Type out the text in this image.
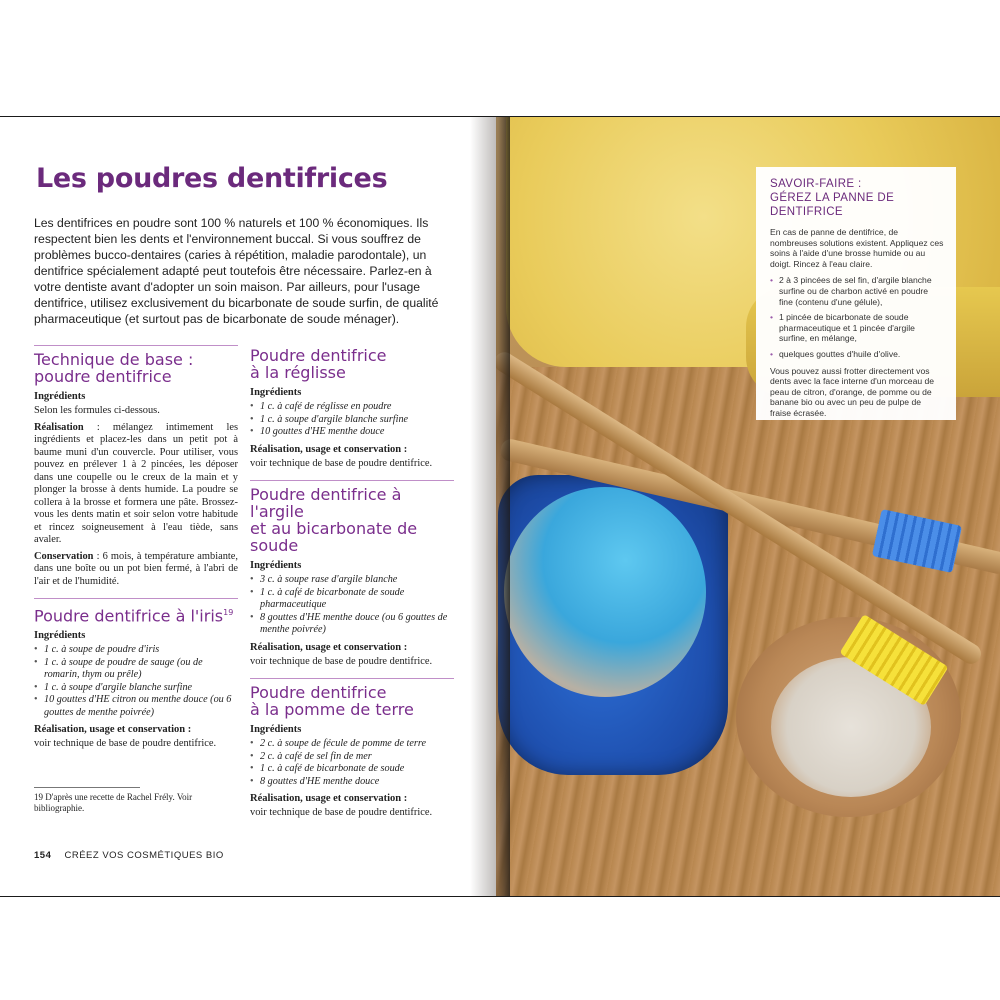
Les poudres dentifrices

Les dentifrices en poudre sont 100 % naturels et 100 % économiques. Ils respectent bien les dents et l'environnement buccal. Si vous souffrez de problèmes bucco-dentaires (caries à répétition, maladie parodontale), un dentifrice spécialement adapté peut toutefois être nécessaire. Parlez-en à votre dentiste avant d'adopter un soin maison. Par ailleurs, pour l'usage dentifrice, utilisez exclusivement du bicarbonate de soude surfin, de qualité pharmaceutique (et surtout pas de bicarbonate de soude ménager).

Technique de base :
poudre dentifrice

Ingrédients

Selon les formules ci-dessous.

Réalisation : mélangez intimement les ingrédients et placez-les dans un petit pot à baume muni d'un couvercle. Pour utiliser, vous pouvez en prélever 1 à 2 pincées, les déposer dans une coupelle ou le creux de la main et y plonger la brosse à dents humide. La poudre se collera à la brosse et formera une pâte. Brossez-vous les dents matin et soir selon votre habitude et rincez soigneusement à l'eau tiède, sans avaler.

Conservation : 6 mois, à température ambiante, dans une boîte ou un pot bien fermé, à l'abri de l'air et de l'humidité.

Poudre dentifrice à l'iris$^{19}$

Ingrédients

• 1 c. à soupe de poudre d'iris
• 1 c. à soupe de poudre de sauge (ou de romarin, thym ou prêle)
• 1 c. à soupe d'argile blanche surfine
• 10 gouttes d'HE citron ou menthe douce (ou 6 gouttes de menthe poivrée)

Réalisation, usage et conservation :

voir technique de base de poudre dentifrice.

Poudre dentifrice
à la réglisse

Ingrédients

• 1 c. à café de réglisse en poudre
• 1 c. à soupe d'argile blanche surfine
• 10 gouttes d'HE menthe douce

Réalisation, usage et conservation :

voir technique de base de poudre dentifrice.

Poudre dentifrice à l'argile
et au bicarbonate de soude

Ingrédients

• 3 c. à soupe rase d'argile blanche
• 1 c. à café de bicarbonate de soude pharmaceutique
• 8 gouttes d'HE menthe douce (ou 6 gouttes de menthe poivrée)

Réalisation, usage et conservation :

voir technique de base de poudre dentifrice.

Poudre dentifrice
à la pomme de terre

Ingrédients

• 2 c. à soupe de fécule de pomme de terre
• 2 c. à café de sel fin de mer
• 1 c. à café de bicarbonate de soude
• 8 gouttes d'HE menthe douce

Réalisation, usage et conservation :

voir technique de base de poudre dentifrice.

19 D'après une recette de Rachel Frély. Voir bibliographie.

154 CRÉEZ VOS COSMÉTIQUES BIO

SAVOIR-FAIRE :
GÉREZ LA PANNE DE DENTIFRICE

En cas de panne de dentifrice, de nombreuses solutions existent. Appliquez ces soins à l'aide d'une brosse humide ou au doigt. Rincez à l'eau claire.

• 2 à 3 pincées de sel fin, d'argile blanche surfine ou de charbon activé en poudre fine (contenu d'une gélule),
• 1 pincée de bicarbonate de soude pharmaceutique et 1 pincée d'argile surfine, en mélange,
• quelques gouttes d'huile d'olive.

Vous pouvez aussi frotter directement vos dents avec la face interne d'un morceau de peau de citron, d'orange, de pomme ou de banane bio ou avec un peu de pulpe de fraise écrasée.
